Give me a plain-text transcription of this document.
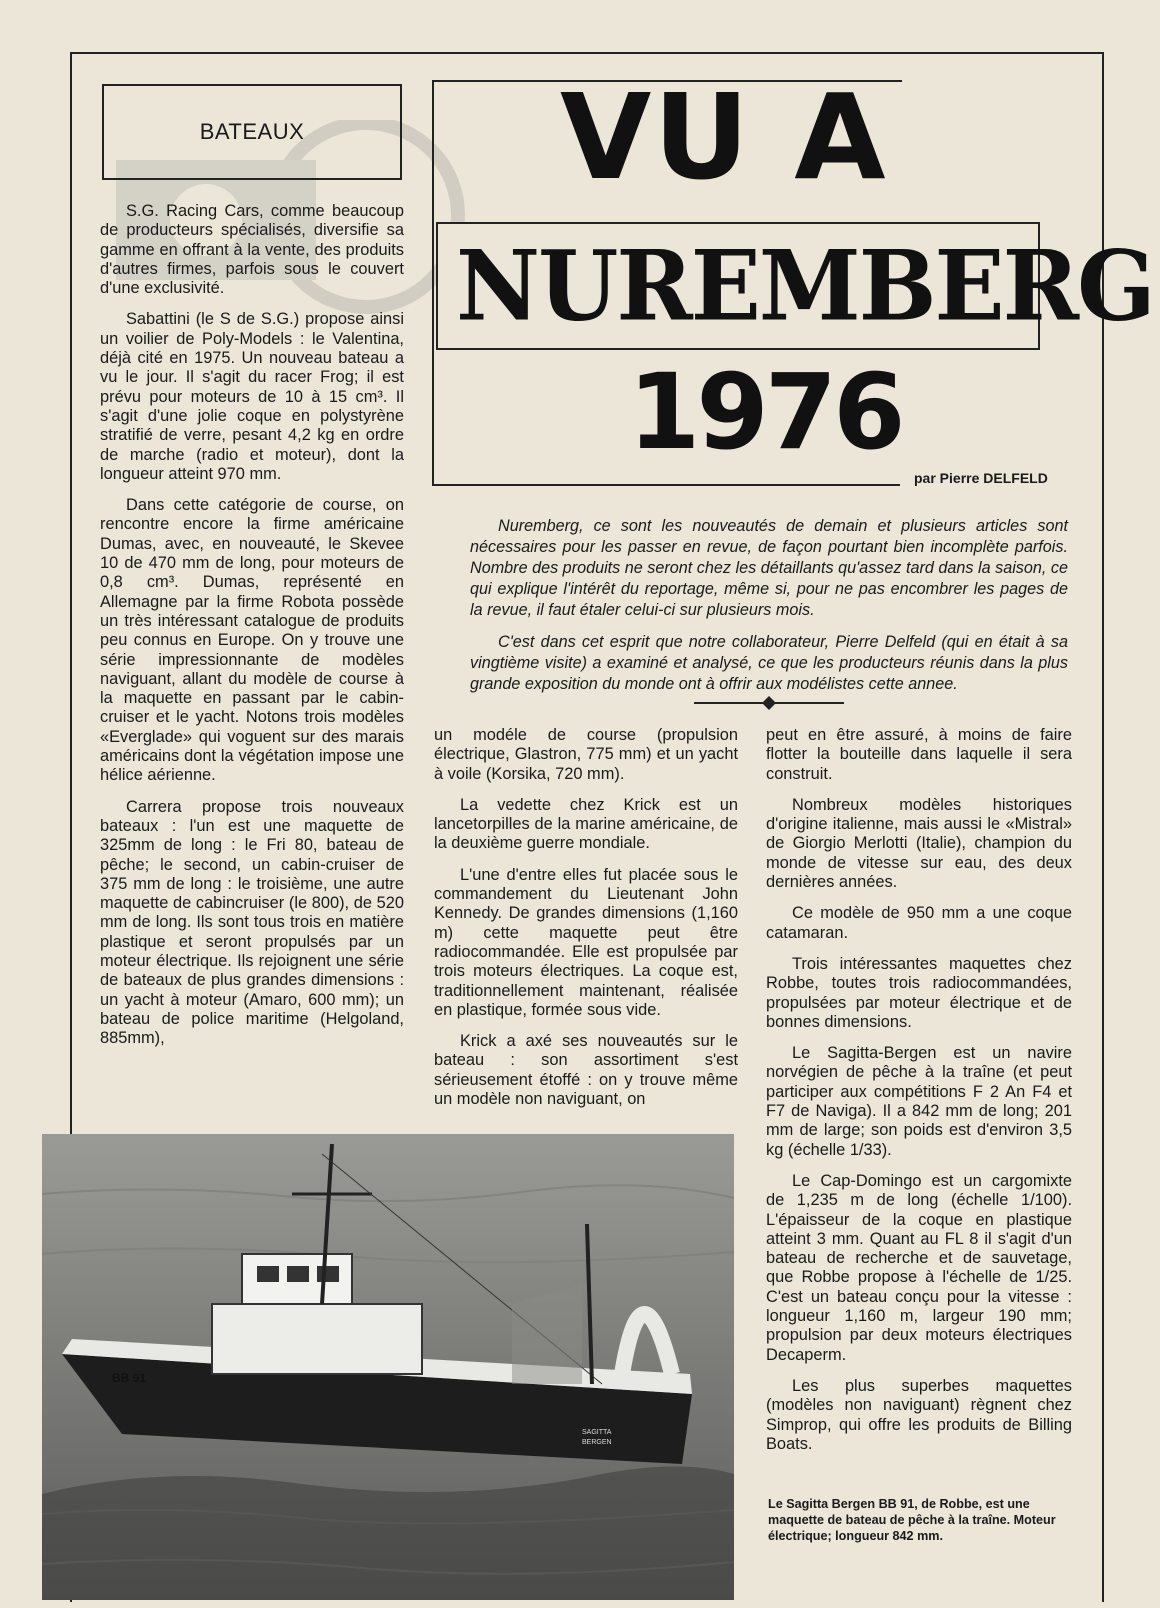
BATEAUX	VU A
NUREMBERG
1976
par Pierre DELFELD

Nuremberg, ce sont les nouveautés de demain et plusieurs articles sont nécessaires pour les passer en revue, de façon pourtant bien incomplète parfois. Nombre des produits ne seront chez les détaillants qu'assez tard dans la saison, ce qui explique l'intérêt du reportage, même si, pour ne pas encombrer les pages de la revue, il faut étaler celui-ci sur plusieurs mois.

C'est dans cet esprit que notre collaborateur, Pierre Delfeld (qui en était à sa vingtième visite) a examiné et analysé, ce que les producteurs réunis dans la plus grande exposition du monde ont à offrir aux modélistes cette annee.

S.G. Racing Cars, comme beaucoup de producteurs spécialisés, diversifie sa gamme en offrant à la vente, des produits d'autres firmes, parfois sous le couvert d'une exclusivité.

Sabattini (le S de S.G.) propose ainsi un voilier de Poly-Models : le Valentina, déjà cité en 1975. Un nouveau bateau a vu le jour. Il s'agit du racer Frog; il est prévu pour moteurs de 10 à 15 cm³. Il s'agit d'une jolie coque en polystyrène stratifié de verre, pesant 4,2 kg en ordre de marche (radio et moteur), dont la longueur atteint 970 mm.

Dans cette catégorie de course, on rencontre encore la firme américaine Dumas, avec, en nouveauté, le Skevee 10 de 470 mm de long, pour moteurs de 0,8 cm³. Dumas, représenté en Allemagne par la firme Robota possède un très intéressant catalogue de produits peu connus en Europe. On y trouve une série impressionnante de modèles naviguant, allant du modèle de course à la maquette en passant par le cabin-cruiser et le yacht. Notons trois modèles «Everglade» qui voguent sur des marais américains dont la végétation impose une hélice aérienne.

Carrera propose trois nouveaux bateaux : l'un est une maquette de 325mm de long : le Fri 80, bateau de pêche; le second, un cabin-cruiser de 375 mm de long : le troisième, une autre maquette de cabincruiser (le 800), de 520 mm de long. Ils sont tous trois en matière plastique et seront propulsés par un moteur électrique. Ils rejoignent une série de bateaux de plus grandes dimensions : un yacht à moteur (Amaro, 600 mm); un bateau de police maritime (Helgoland, 885mm),

un modéle de course (propulsion électrique, Glastron, 775 mm) et un yacht à voile (Korsika, 720 mm).

La vedette chez Krick est un lancetorpilles de la marine américaine, de la deuxième guerre mondiale.

L'une d'entre elles fut placée sous le commandement du Lieutenant John Kennedy. De grandes dimensions (1,160 m) cette maquette peut être radiocommandée. Elle est propulsée par trois moteurs électriques. La coque est, traditionnellement maintenant, réalisée en plastique, formée sous vide.

Krick a axé ses nouveautés sur le bateau : son assortiment s'est sérieusement étoffé : on y trouve même un modèle non naviguant, on

peut en être assuré, à moins de faire flotter la bouteille dans laquelle il sera construit.

Nombreux modèles historiques d'origine italienne, mais aussi le «Mistral» de Giorgio Merlotti (Italie), champion du monde de vitesse sur eau, des deux dernières années.

Ce modèle de 950 mm a une coque catamaran.

Trois intéressantes maquettes chez Robbe, toutes trois radiocommandées, propulsées par moteur électrique et de bonnes dimensions.

Le Sagitta-Bergen est un navire norvégien de pêche à la traîne (et peut participer aux compétitions F 2 An F4 et F7 de Naviga). Il a 842 mm de long; 201 mm de large; son poids est d'environ 3,5 kg (échelle 1/33).

Le Cap-Domingo est un cargomixte de 1,235 m de long (échelle 1/100). L'épaisseur de la coque en plastique atteint 3 mm. Quant au FL 8 il s'agit d'un bateau de recherche et de sauvetage, que Robbe propose à l'échelle de 1/25. C'est un bateau conçu pour la vitesse : longueur 1,160 m, largeur 190 mm; propulsion par deux moteurs électriques Decaperm.

Les plus superbes maquettes (modèles non naviguant) règnent chez Simprop, qui offre les produits de Billing Boats.

BB 91
SAGITTA
BERGEN
Le Sagitta Bergen BB 91, de Robbe, est une maquette de bateau de pêche à la traîne. Moteur électrique; longueur 842 mm.
